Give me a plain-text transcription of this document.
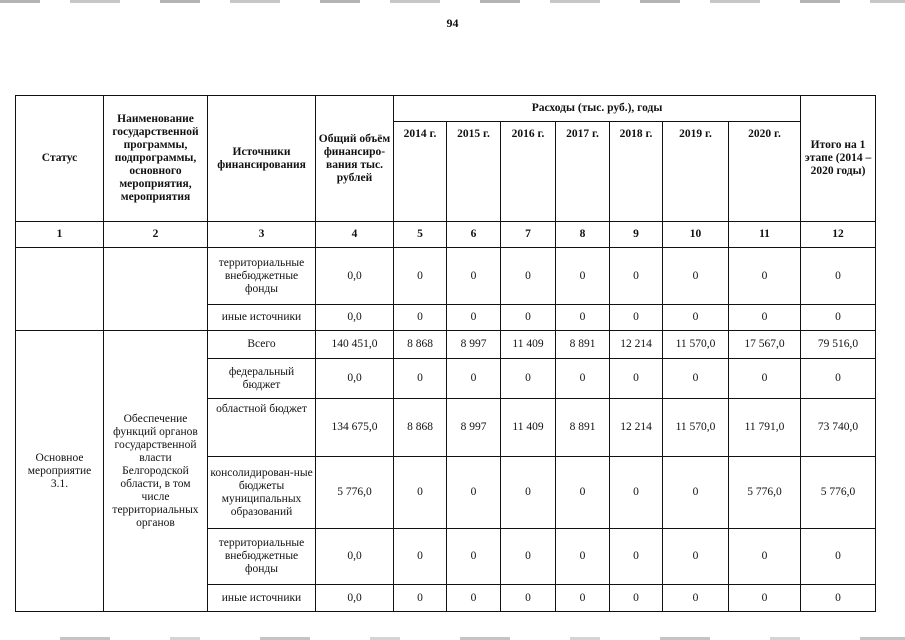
94
Статус	Наименование государственной программы, подпрограммы, основного мероприятия, мероприятия	Источники финансирования	Общий объём финансиро-вания тыс. рублей	Расходы (тыс. руб.), годы							Итого на 1 этапе (2014 – 2020 годы)
				2014 г.	2015 г.	2016 г.	2017 г.	2018 г.	2019 г.	2020 г.	
1	2	3	4	5	6	7	8	9	10	11	12
		территориальные внебюджетные фонды	0,0	0	0	0	0	0	0	0	0
		иные источники	0,0	0	0	0	0	0	0	0	0
Основное мероприятие 3.1.	Обеспечение функций органов государственной власти Белгородской области, в том числе территориальных органов	Всего	140 451,0	8 868	8 997	11 409	8 891	12 214	11 570,0	17 567,0	79 516,0
		федеральный бюджет	0,0	0	0	0	0	0	0	0	0
		областной бюджет	134 675,0	8 868	8 997	11 409	8 891	12 214	11 570,0	11 791,0	73 740,0
		консолидирован-ные бюджеты муниципальных образований	5 776,0	0	0	0	0	0	0	5 776,0	5 776,0
		территориальные внебюджетные фонды	0,0	0	0	0	0	0	0	0	0
		иные источники	0,0	0	0	0	0	0	0	0	0
